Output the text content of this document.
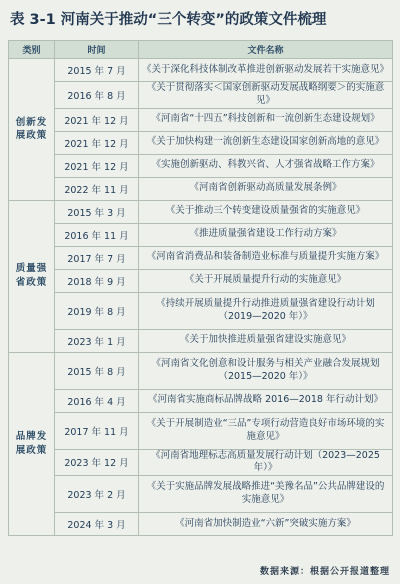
表 3-1 河南关于推动“三个转变”的政策文件梳理
类别	时间	文件名称
创新发展政策	2015 年 7 月	《关于深化科技体制改革推进创新驱动发展若干实施意见》
	2016 年 8 月	《关于贯彻落实＜国家创新驱动发展战略纲要＞的实施意见》
	2021 年 12 月	《河南省“十四五”科技创新和一流创新生态建设规划》
	2021 年 12 月	《关于加快构建一流创新生态建设国家创新高地的意见》
	2021 年 12 月	《实施创新驱动、科教兴省、人才强省战略工作方案》
	2022 年 11 月	《河南省创新驱动高质量发展条例》
质量强省政策	2015 年 3 月	《关于推动三个转变建设质量强省的实施意见》
	2016 年 11 月	《推进质量强省建设工作行动方案》
	2017 年 7 月	《河南省消费品和装备制造业标准与质量提升实施方案》
	2018 年 9 月	《关于开展质量提升行动的实施意见》
	2019 年 8 月	《持续开展质量提升行动推进质量强省建设行动计划（2019—2020 年）》
	2023 年 1 月	《关于加快推进质量强省建设实施意见》
品牌发展政策	2015 年 8 月	《河南省文化创意和设计服务与相关产业融合发展规划（2015—2020 年）》
	2016 年 4 月	《河南省实施商标品牌战略 2016—2018 年行动计划》
	2017 年 11 月	《关于开展制造业“三品”专项行动营造良好市场环境的实施意见》
	2023 年 12 月	《河南省地理标志高质量发展行动计划（2023—2025 年）》
	2023 年 2 月	《关于实施品牌发展战略推进“美豫名品”公共品牌建设的实施意见》
	2024 年 3 月	《河南省加快制造业“六新”突破实施方案》
数据来源：根据公开报道整理
